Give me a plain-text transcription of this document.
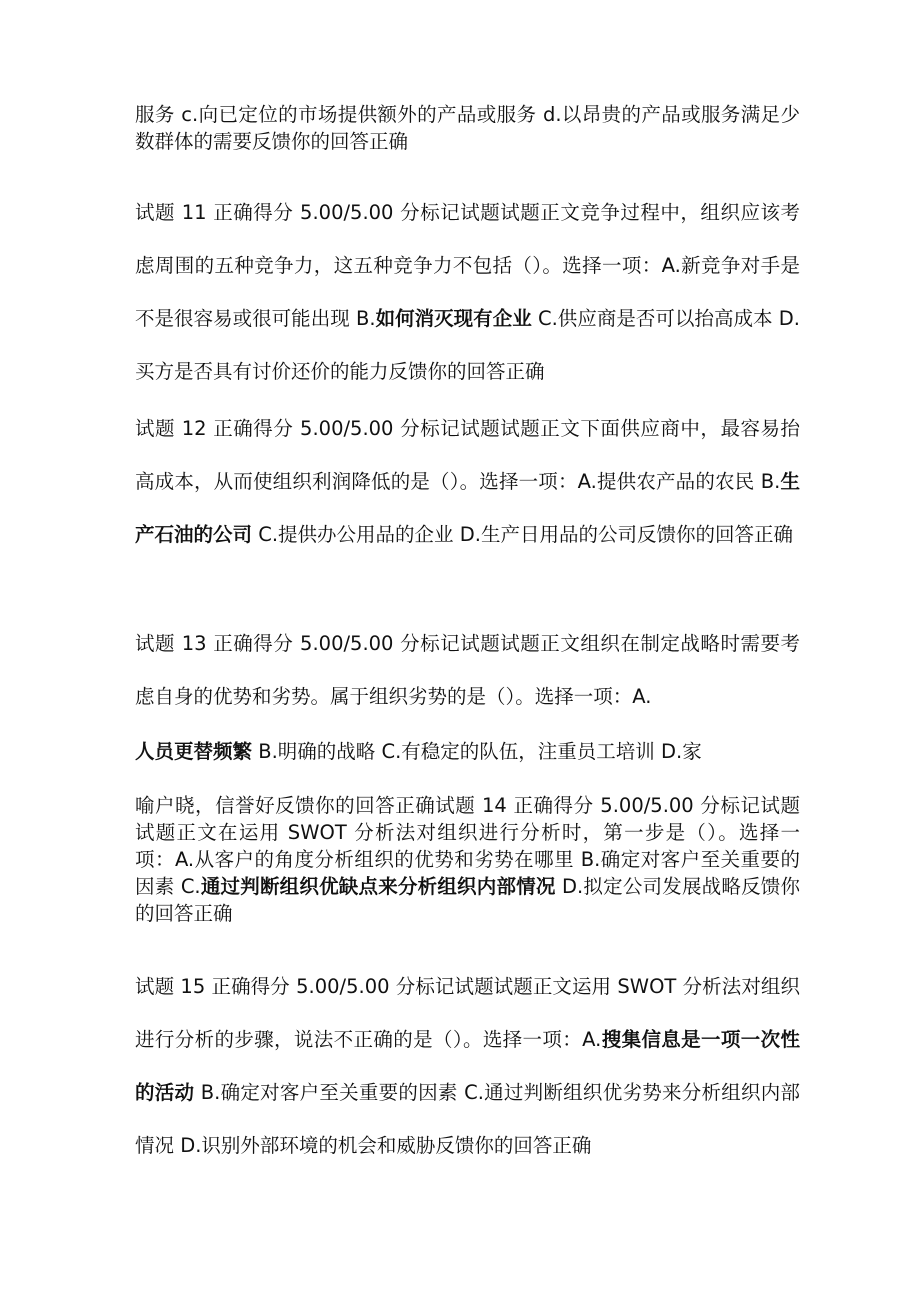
服务 c.向已定位的市场提供额外的产品或服务 d.以昂贵的产品或服务满足少数群体的需要反馈你的回答正确

试题 11 正确得分 5.00/5.00 分标记试题试题正文竞争过程中，组织应该考虑周围的五种竞争力，这五种竞争力不包括（）。选择一项：A.新竞争对手是不是很容易或很可能出现 B.如何消灭现有企业 C.供应商是否可以抬高成本 D.买方是否具有讨价还价的能力反馈你的回答正确

试题 12 正确得分 5.00/5.00 分标记试题试题正文下面供应商中，最容易抬高成本，从而使组织利润降低的是（）。选择一项：A.提供农产品的农民 B.生产石油的公司 C.提供办公用品的企业 D.生产日用品的公司反馈你的回答正确

试题 13 正确得分 5.00/5.00 分标记试题试题正文组织在制定战略时需要考虑自身的优势和劣势。属于组织劣势的是（）。选择一项：A.

人员更替频繁 B.明确的战略 C.有稳定的队伍，注重员工培训 D.家

喻户晓，信誉好反馈你的回答正确试题 14 正确得分 5.00/5.00 分标记试题试题正文在运用 SWOT 分析法对组织进行分析时，第一步是（）。选择一项：A.从客户的角度分析组织的优势和劣势在哪里 B.确定对客户至关重要的因素 C.通过判断组织优缺点来分析组织内部情况 D.拟定公司发展战略反馈你的回答正确

试题 15 正确得分 5.00/5.00 分标记试题试题正文运用 SWOT 分析法对组织进行分析的步骤，说法不正确的是（）。选择一项：A.搜集信息是一项一次性的活动 B.确定对客户至关重要的因素 C.通过判断组织优劣势来分析组织内部情况 D.识别外部环境的机会和威胁反馈你的回答正确
